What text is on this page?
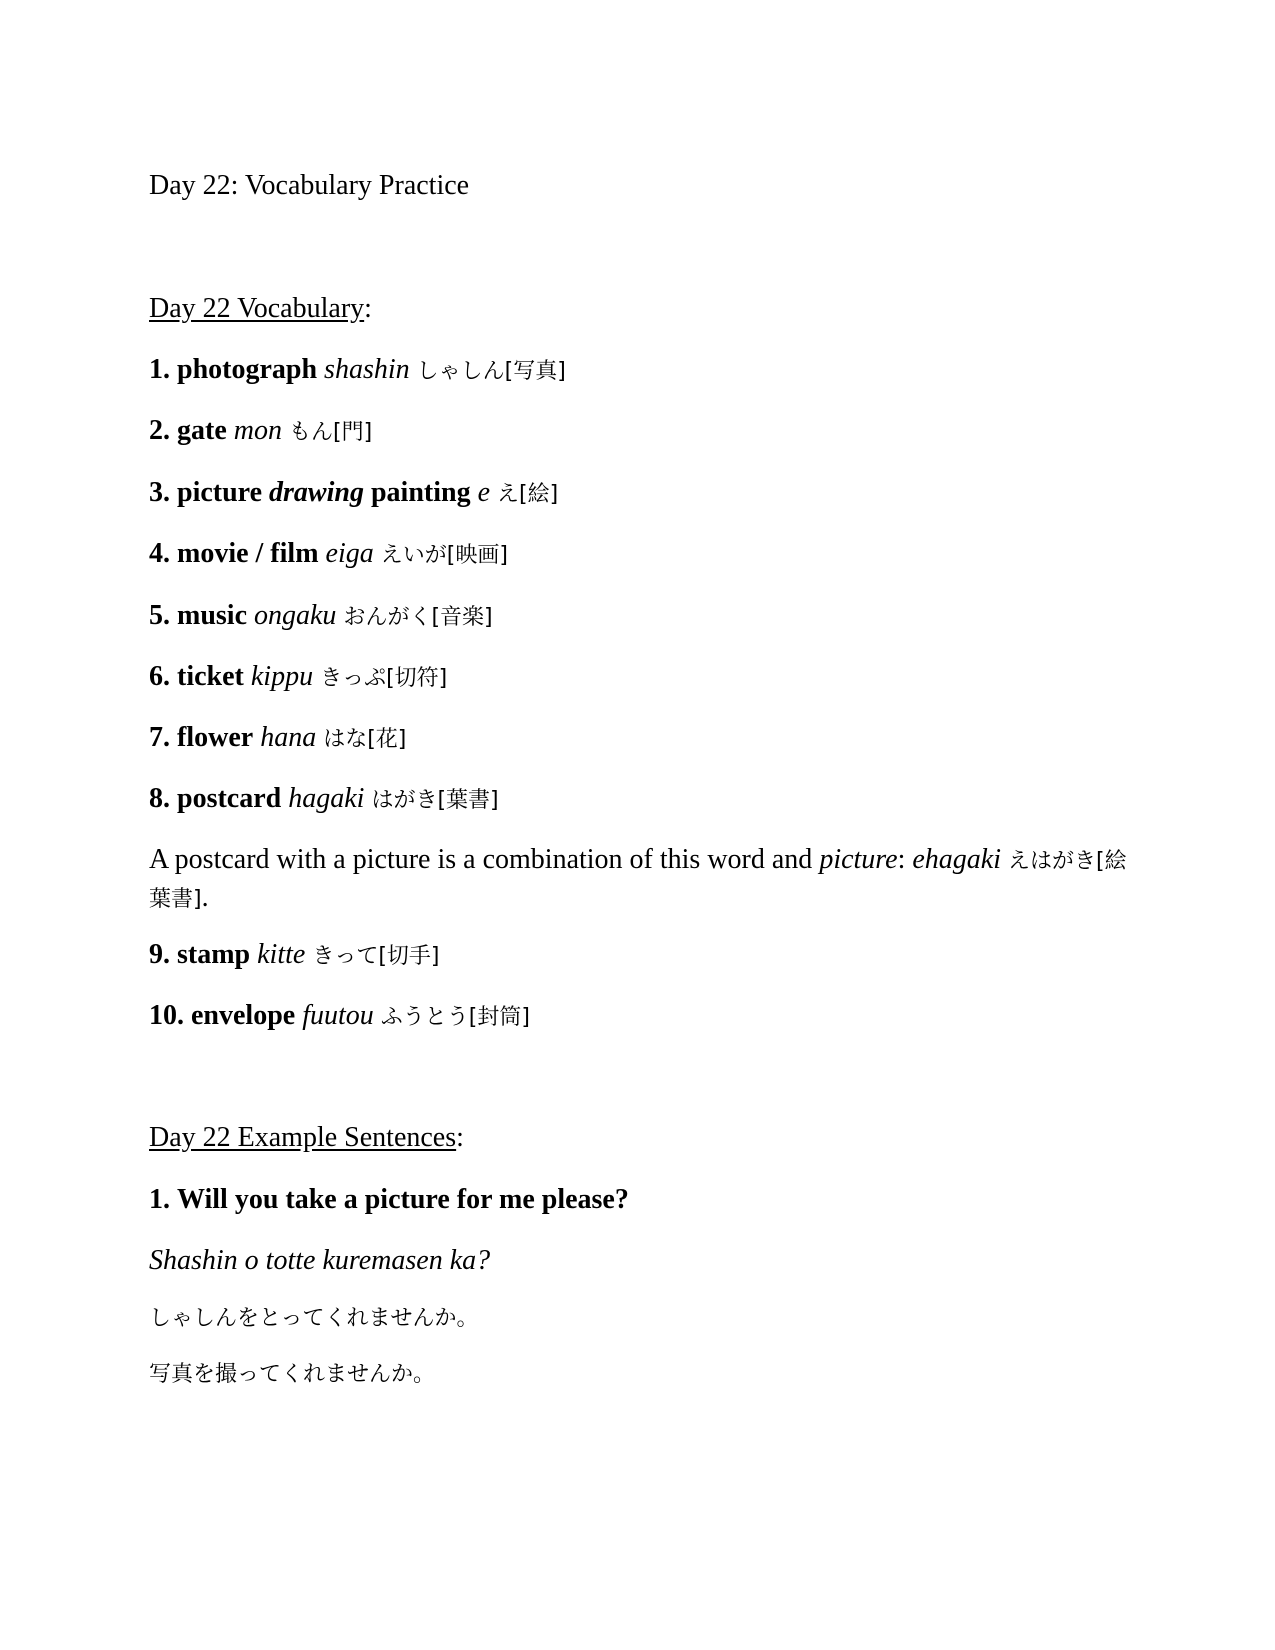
Day 22: Vocabulary Practice
Day 22 Vocabulary:
1. photograph shashin しゃしん[写真]
2. gate mon もん[門]
3. picture drawing painting e え[絵]
4. movie / film eiga えいが[映画]
5. music ongaku おんがく[音楽]
6. ticket kippu きっぷ[切符]
7. flower hana はな[花]
8. postcard hagaki はがき[葉書]
A postcard with a picture is a combination of this word and picture: ehagaki えはがき[絵葉書].
9. stamp kitte きって[切手]
10. envelope fuutou ふうとう[封筒]
Day 22 Example Sentences:
1. Will you take a picture for me please?
Shashin o totte kuremasen ka?
しゃしんをとってくれませんか。
写真を撮ってくれませんか。
